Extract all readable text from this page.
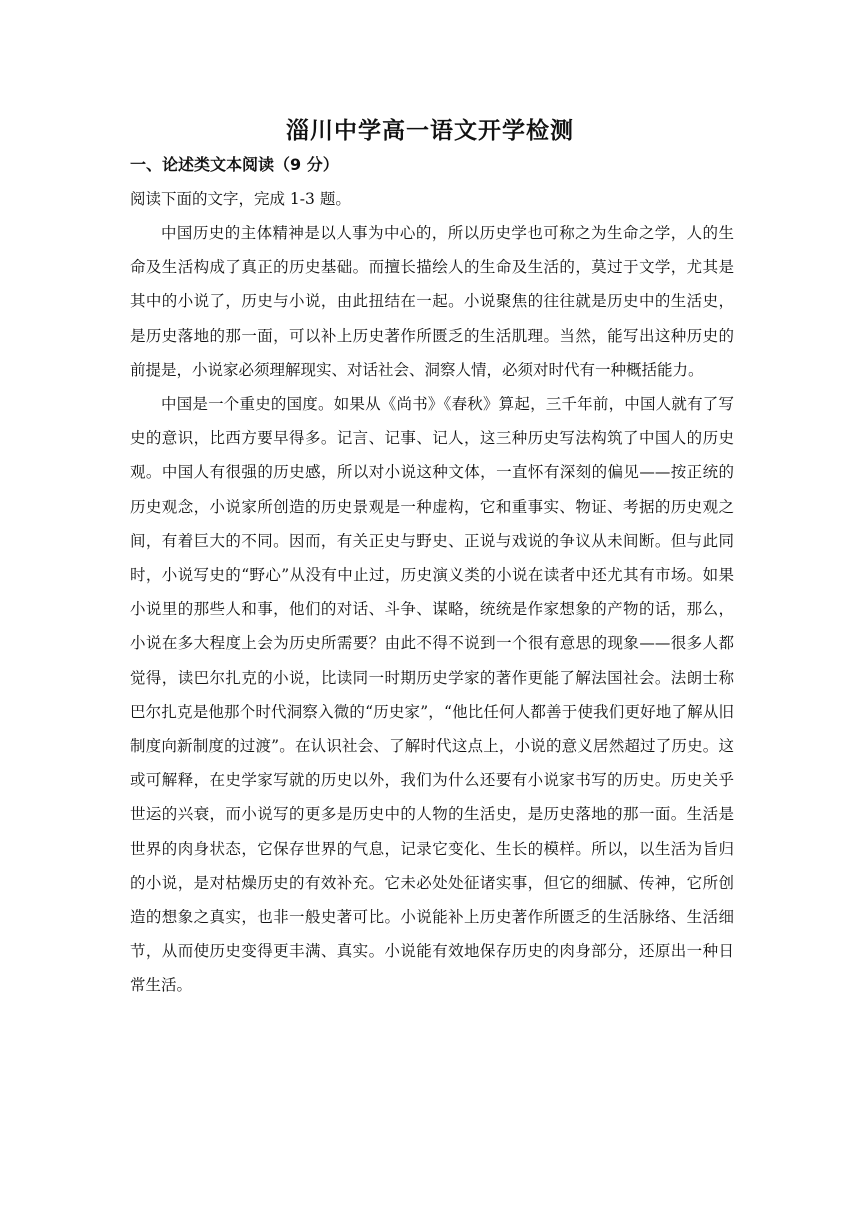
淄川中学高一语文开学检测

一、论述类文本阅读（9 分）

阅读下面的文字，完成 1-3 题。

中国历史的主体精神是以人事为中心的，所以历史学也可称之为生命之学，人的生命及生活构成了真正的历史基础。而擅长描绘人的生命及生活的，莫过于文学，尤其是其中的小说了，历史与小说，由此扭结在一起。小说聚焦的往往就是历史中的生活史，是历史落地的那一面，可以补上历史著作所匮乏的生活肌理。当然，能写出这种历史的前提是，小说家必须理解现实、对话社会、洞察人情，必须对时代有一种概括能力。

中国是一个重史的国度。如果从《尚书》《春秋》算起，三千年前，中国人就有了写史的意识，比西方要早得多。记言、记事、记人，这三种历史写法构筑了中国人的历史观。中国人有很强的历史感，所以对小说这种文体，一直怀有深刻的偏见——按正统的历史观念，小说家所创造的历史景观是一种虚构，它和重事实、物证、考据的历史观之间，有着巨大的不同。因而，有关正史与野史、正说与戏说的争议从未间断。但与此同时，小说写史的“野心”从没有中止过，历史演义类的小说在读者中还尤其有市场。如果小说里的那些人和事，他们的对话、斗争、谋略，统统是作家想象的产物的话，那么，小说在多大程度上会为历史所需要？由此不得不说到一个很有意思的现象——很多人都觉得，读巴尔扎克的小说，比读同一时期历史学家的著作更能了解法国社会。法朗士称巴尔扎克是他那个时代洞察入微的“历史家”，“他比任何人都善于使我们更好地了解从旧制度向新制度的过渡”。在认识社会、了解时代这点上，小说的意义居然超过了历史。这或可解释，在史学家写就的历史以外，我们为什么还要有小说家书写的历史。历史关乎世运的兴衰，而小说写的更多是历史中的人物的生活史，是历史落地的那一面。生活是世界的肉身状态，它保存世界的气息，记录它变化、生长的模样。所以，以生活为旨归的小说，是对枯燥历史的有效补充。它未必处处征诸实事，但它的细腻、传神，它所创造的想象之真实，也非一般史著可比。小说能补上历史著作所匮乏的生活脉络、生活细节，从而使历史变得更丰满、真实。小说能有效地保存历史的肉身部分，还原出一种日常生活。
